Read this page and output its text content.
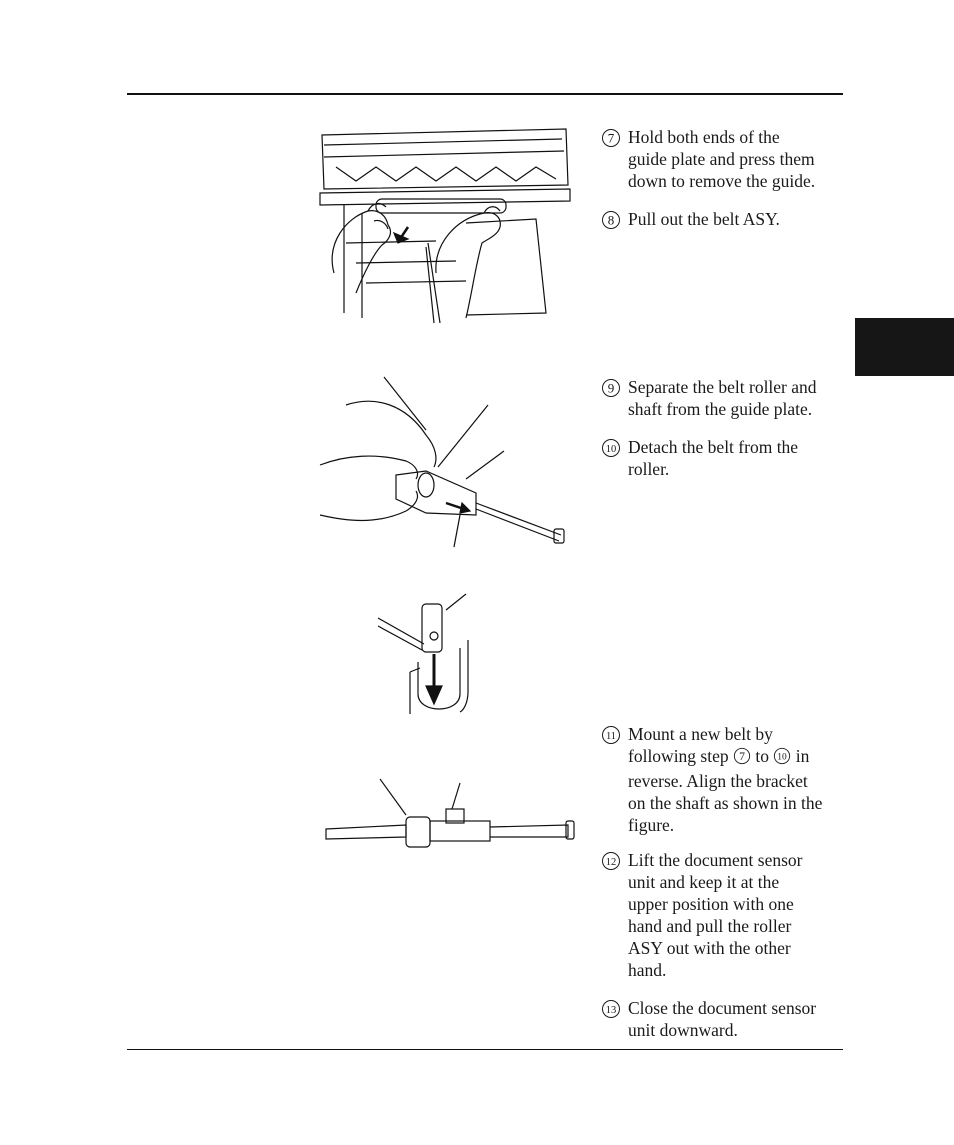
7 Hold both ends of the
guide plate and press them
down to remove the guide.
8 Pull out the belt ASY.
9 Separate the belt roller and
shaft from the guide plate.
10 Detach the belt from the
roller.
11 Mount a new belt by
following step 7 to 10 in
reverse. Align the bracket
on the shaft as shown in the
figure.
12 Lift the document sensor
unit and keep it at the
upper position with one
hand and pull the roller
ASY out with the other
hand.
13 Close the document sensor
unit downward.
